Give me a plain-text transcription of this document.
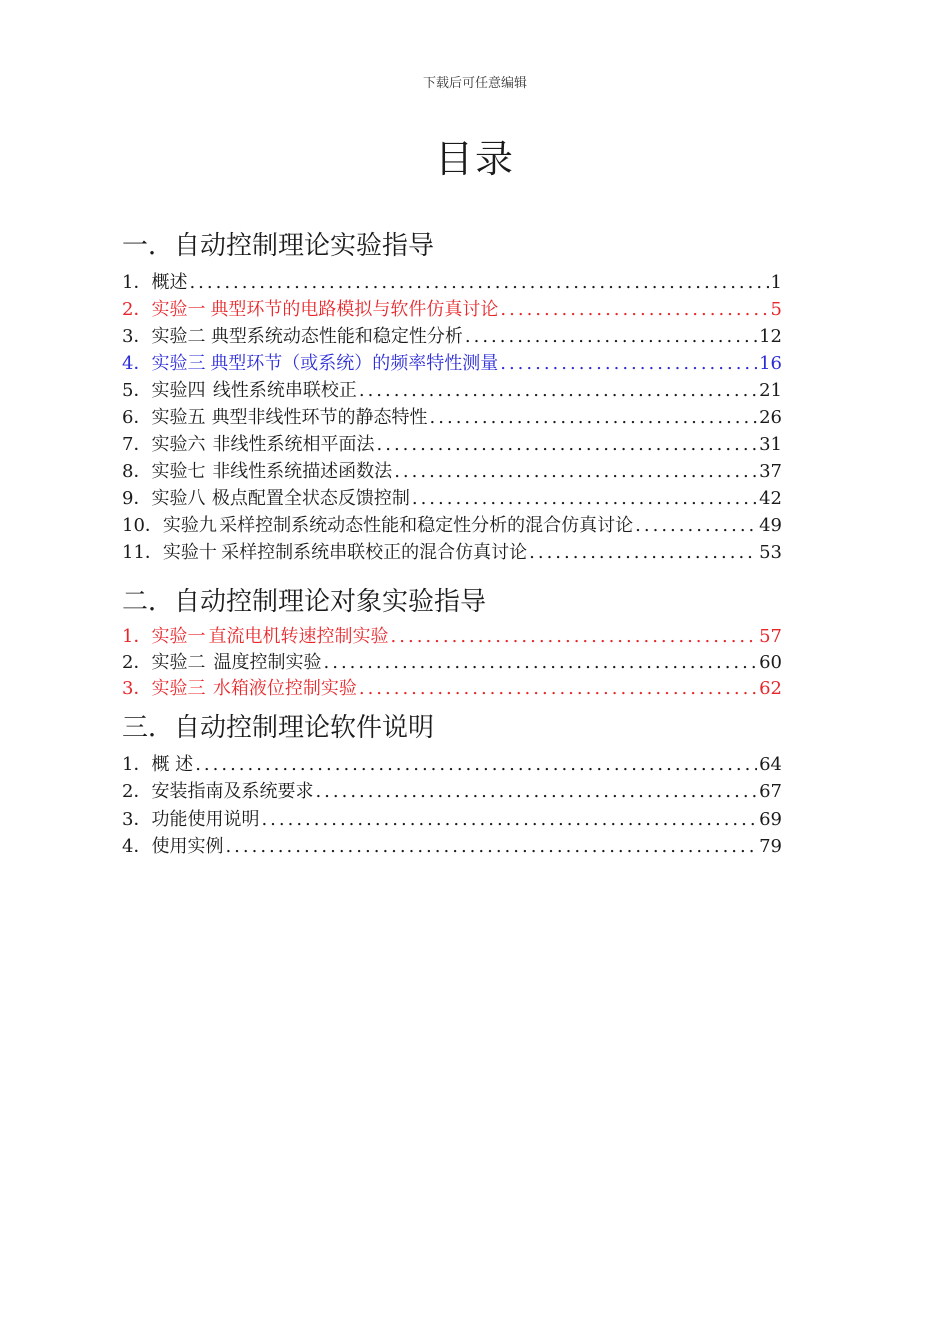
下载后可任意编辑
目录
一．自动控制理论实验指导
1． 概述 .....	1
2． 实验一 典型环节的电路模拟与软件仿真讨论 .....	5
3． 实验二 典型系统动态性能和稳定性分析 .....	12
4． 实验三 典型环节（或系统）的频率特性测量 .....	16
5． 实验四 线性系统串联校正 .....	21
6． 实验五 典型非线性环节的静态特性 .....	26
7． 实验六 非线性系统相平面法 .....	31
8． 实验七 非线性系统描述函数法 .....	37
9． 实验八 极点配置全状态反馈控制 .....	42
10． 实验九 采样控制系统动态性能和稳定性分析的混合仿真讨论 .....	49
11． 实验十 采样控制系统串联校正的混合仿真讨论 .....	53
二．自动控制理论对象实验指导
1． 实验一 直流电机转速控制实验 .....	57
2． 实验二 温度控制实验 .....	60
3． 实验三 水箱液位控制实验 .....	62
三．自动控制理论软件说明
1． 概 述 .....	64
2． 安装指南及系统要求 .....	67
3． 功能使用说明 .....	69
4． 使用实例 .....	79
